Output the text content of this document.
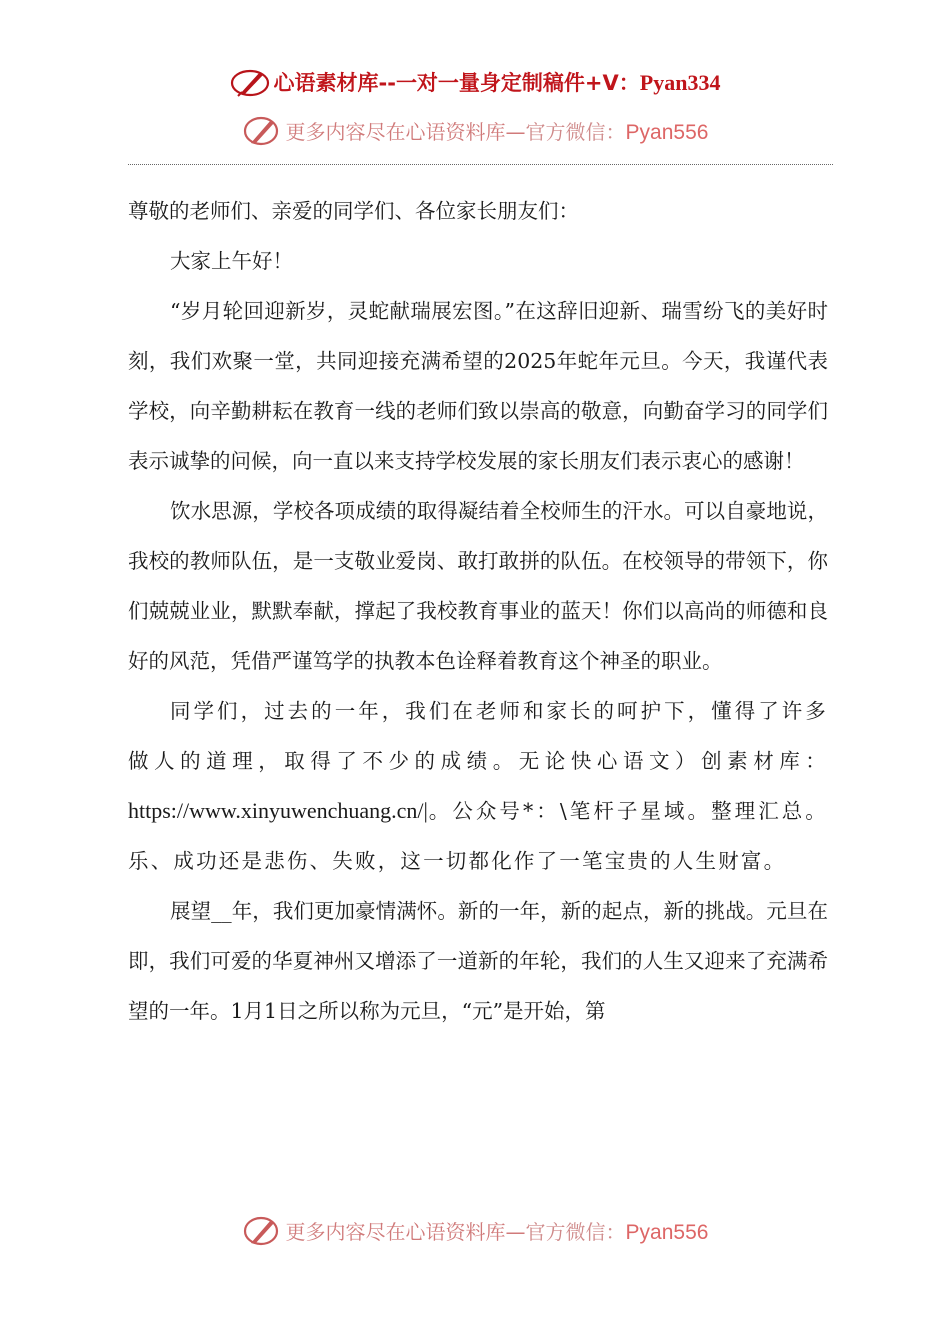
心语素材库--一对一量身定制稿件+V：Pyan334
更多内容尽在心语资料库—官方微信：Pyan556

尊敬的老师们、亲爱的同学们、各位家长朋友们：

大家上午好！

“岁月轮回迎新岁，灵蛇献瑞展宏图。”在这辞旧迎新、瑞雪纷飞的美好时刻，我们欢聚一堂，共同迎接充满希望的2025年蛇年元旦。今天，我谨代表学校，向辛勤耕耘在教育一线的老师们致以崇高的敬意，向勤奋学习的同学们表示诚挚的问候，向一直以来支持学校发展的家长朋友们表示衷心的感谢！

饮水思源，学校各项成绩的取得凝结着全校师生的汗水。可以自豪地说，我校的教师队伍，是一支敬业爱岗、敢打敢拼的队伍。在校领导的带领下，你们兢兢业业，默默奉献，撑起了我校教育事业的蓝天！你们以高尚的师德和良好的风范，凭借严谨笃学的执教本色诠释着教育这个神圣的职业。

同学们，过去的一年，我们在老师和家长的呵护下，懂得了许多做人的道理，取得了不少的成绩。无论快心语文）创素材库：https://www.xinyuwenchuang.cn/|。公众号*：\笔杆子星域。整理汇总。乐、成功还是悲伤、失败，这一切都化作了一笔宝贵的人生财富。

展望__年，我们更加豪情满怀。新的一年，新的起点，新的挑战。元旦在即，我们可爱的华夏神州又增添了一道新的年轮，我们的人生又迎来了充满希望的一年。1月1日之所以称为元旦，“元”是开始，第

更多内容尽在心语资料库—官方微信：Pyan556
